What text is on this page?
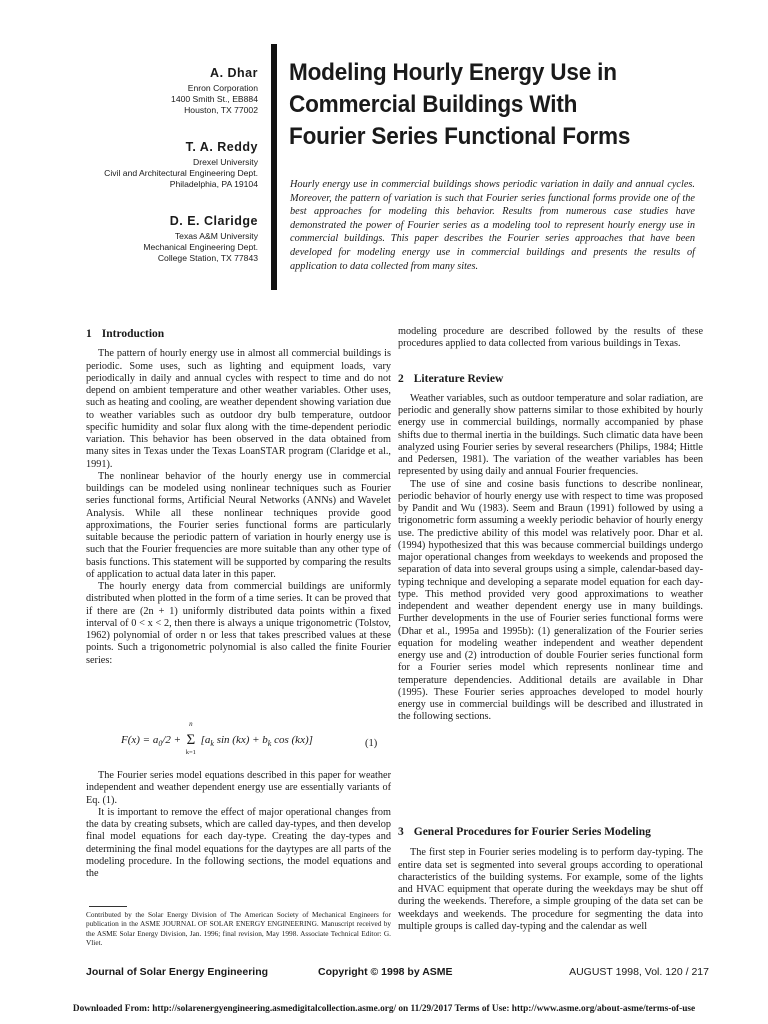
A. Dhar
Enron Corporation
1400 Smith St., EB884
Houston, TX 77002
T. A. Reddy
Drexel University
Civil and Architectural Engineering Dept.
Philadelphia, PA 19104
D. E. Claridge
Texas A&M University
Mechanical Engineering Dept.
College Station, TX 77843
Modeling Hourly Energy Use in
Commercial Buildings With
Fourier Series Functional Forms
Hourly energy use in commercial buildings shows periodic variation in daily and annual cycles. Moreover, the pattern of variation is such that Fourier series functional forms provide one of the best approaches for modeling this behavior. Results from numerous case studies have demonstrated the power of Fourier series as a modeling tool to represent hourly energy use in commercial buildings. This paper describes the Fourier series approaches that have been developed for modeling energy use in commercial buildings and presents the results of application to data collected from many sites.
1 Introduction

The pattern of hourly energy use in almost all commercial buildings is periodic. Some uses, such as lighting and equipment loads, vary periodically in daily and annual cycles with respect to time and do not depend on ambient temperature and other weather variables. Other uses, such as heating and cooling, are weather dependent showing variation due to weather variables such as outdoor dry bulb temperature, outdoor specific humidity and solar flux along with the time-dependent periodic variation. This behavior has been observed in the data obtained from many sites in Texas under the Texas LoanSTAR program (Claridge et al., 1991).

The nonlinear behavior of the hourly energy use in commercial buildings can be modeled using nonlinear techniques such as Fourier series functional forms, Artificial Neural Networks (ANNs) and Wavelet Analysis. While all these nonlinear techniques provide good approximations, the Fourier series functional forms are particularly suitable because the periodic pattern of variation in hourly energy use is such that the Fourier frequencies are more suitable than any other type of basis functions. This statement will be supported by comparing the results of application to actual data later in this paper.

The hourly energy data from commercial buildings are uniformly distributed when plotted in the form of a time series. It can be proved that if there are (2n + 1) uniformly distributed data points within a fixed interval of 0 < x < 2, then there is always a unique trigonometric (Tolstov, 1962) polynomial of order n or less that takes prescribed values at these points. Such a trigonometric polynomial is also called the finite Fourier series:

$F(x) = a_0/2$ +
n
Σ
k=1
[$a_k$ $\sin (kx) + b_k$ cos (kx)]	(1)

The Fourier series model equations described in this paper for weather independent and weather dependent energy use are essentially variants of Eq. (1).

It is important to remove the effect of major operational changes from the data by creating subsets, which are called day-types, and then develop final model equations for each day-type. Creating the day-types and determining the final model equations for the daytypes are all parts of the modeling procedure. In the following sections, the model equations and the

Contributed by the Solar Energy Division of The American Society of Mechanical Engineers for publication in the ASME JOURNAL OF SOLAR ENERGY ENGINEERING. Manuscript received by the ASME Solar Energy Division, Jan. 1996; final revision, May 1998. Associate Technical Editor: G. Vliet.

modeling procedure are described followed by the results of these procedures applied to data collected from various buildings in Texas.

2 Literature Review

Weather variables, such as outdoor temperature and solar radiation, are periodic and generally show patterns similar to those exhibited by hourly energy use in commercial buildings, normally accompanied by phase shifts due to thermal inertia in the buildings. Such climatic data have been analyzed using Fourier series by several researchers (Philips, 1984; Hittle and Pedersen, 1981). The variation of the weather variables has been represented by using daily and annual Fourier frequencies.

The use of sine and cosine basis functions to describe nonlinear, periodic behavior of hourly energy use with respect to time was proposed by Pandit and Wu (1983). Seem and Braun (1991) followed by using a trigonometric form assuming a weekly periodic behavior of hourly energy use. The predictive ability of this model was relatively poor. Dhar et al. (1994) hypothesized that this was because commercial buildings undergo major operational changes from weekdays to weekends and proposed the separation of data into several groups using a simple, calendar-based day-typing technique and developing a separate model equation for each day-type. This method provided very good approximations to weather independent and weather dependent energy use in many buildings. Further developments in the use of Fourier series functional forms were (Dhar et al., 1995a and 1995b): (1) generalization of the Fourier series equation for modeling weather independent and weather dependent energy use and (2) introduction of double Fourier series functional form for a Fourier series model which represents nonlinear time and temperature dependencies. Additional details are available in Dhar (1995). These Fourier series approaches developed to model hourly energy use in commercial buildings will be described and illustrated in the following sections.

3 General Procedures for Fourier Series Modeling

The first step in Fourier series modeling is to perform day-typing. The entire data set is segmented into several groups according to operational characteristics of the building systems. For example, some of the lights and HVAC equipment that operate during the weekdays may be shut off during the weekends. Therefore, a simple grouping of the data set can be weekdays and weekends. The procedure for segmenting the data into multiple groups is called day-typing and the calendar as well

Journal of Solar Energy Engineering	Copyright © 1998 by ASME	AUGUST 1998, Vol. 120 / 217
Downloaded From: http://solarenergyengineering.asmedigitalcollection.asme.org/ on 11/29/2017 Terms of Use: http://www.asme.org/about-asme/terms-of-use
